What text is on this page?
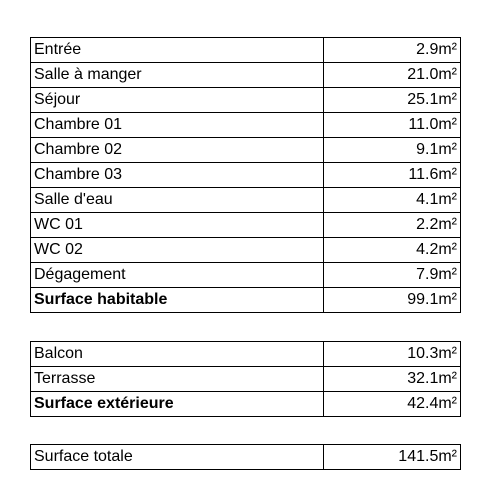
Entrée	2.9m²
Salle à manger	21.0m²
Séjour	25.1m²
Chambre 01	11.0m²
Chambre 02	9.1m²
Chambre 03	11.6m²
Salle d'eau	4.1m²
WC 01	2.2m²
WC 02	4.2m²
Dégagement	7.9m²
Surface habitable	99.1m²
Balcon	10.3m²
Terrasse	32.1m²
Surface extérieure	42.4m²
Surface totale	141.5m²
